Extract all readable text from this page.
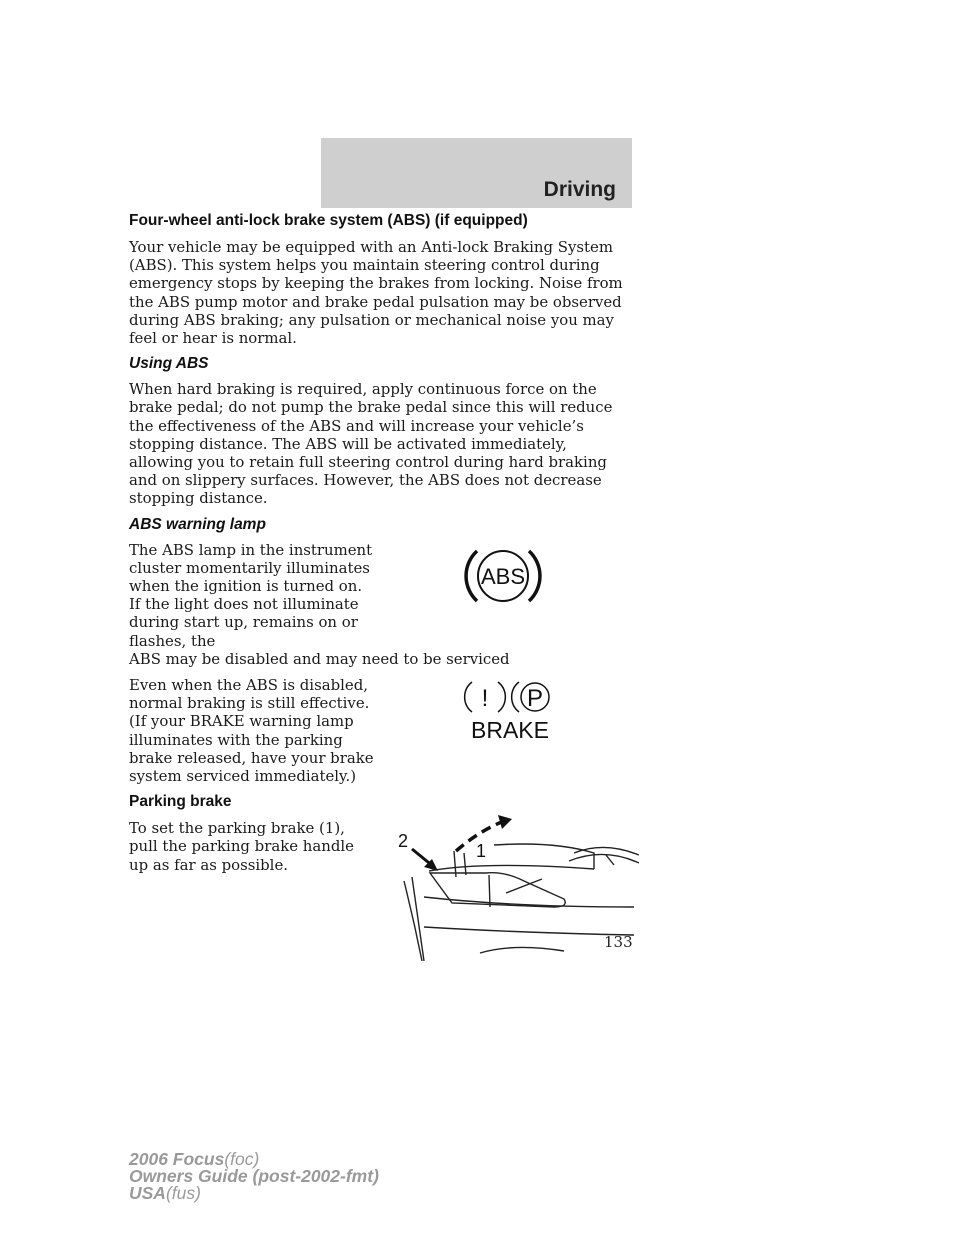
Driving
Four-wheel anti-lock brake system (ABS) (if equipped)

Your vehicle may be equipped with an Anti-lock Braking System (ABS). This system helps you maintain steering control during emergency stops by keeping the brakes from locking. Noise from the ABS pump motor and brake pedal pulsation may be observed during ABS braking; any pulsation or mechanical noise you may feel or hear is normal.

Using ABS

When hard braking is required, apply continuous force on the brake pedal; do not pump the brake pedal since this will reduce the effectiveness of the ABS and will increase your vehicle’s stopping distance. The ABS will be activated immediately, allowing you to retain full steering control during hard braking and on slippery surfaces. However, the ABS does not decrease stopping distance.

ABS warning lamp

The ABS lamp in the instrument cluster momentarily illuminates when the ignition is turned on. If the light does not illuminate during start up, remains on or flashes, the

ABS may be disabled and may need to be serviced

ABS

Even when the ABS is disabled, normal braking is still effective. (If your BRAKE warning lamp illuminates with the parking brake released, have your brake system serviced immediately.)

! P
BRAKE
Parking brake

To set the parking brake (1), pull the parking brake handle up as far as possible.

2	1
133
2006 Focus(foc)
Owners Guide (post-2002-fmt)
USA(fus)
